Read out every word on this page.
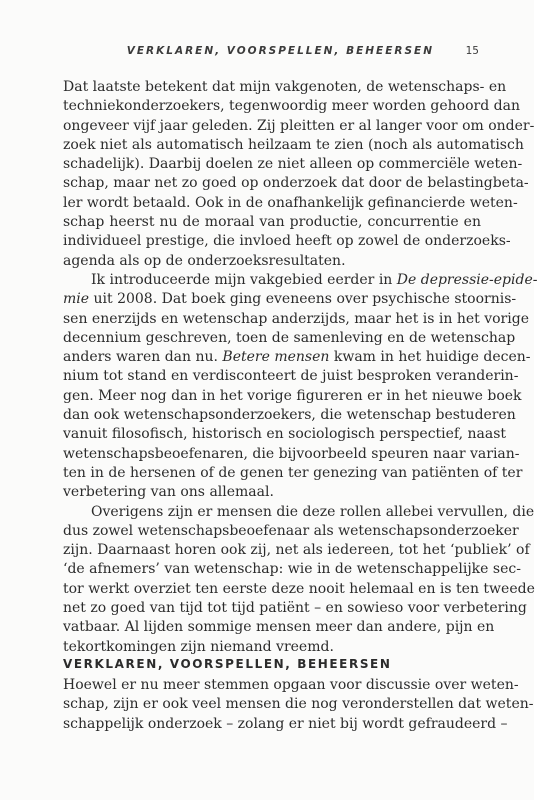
VERKLAREN, VOORSPELLEN, BEHEERSEN	15
Dat laatste betekent dat mijn vakgenoten, de wetenschaps- en
techniekonderzoekers, tegenwoordig meer worden gehoord dan
ongeveer vijf jaar geleden. Zij pleitten er al langer voor om onder-
zoek niet als automatisch heilzaam te zien (noch als automatisch
schadelijk). Daarbij doelen ze niet alleen op commerciële weten-
schap, maar net zo goed op onderzoek dat door de belastingbeta-
ler wordt betaald. Ook in de onafhankelijk gefinancierde weten-
schap heerst nu de moraal van productie, concurrentie en
individueel prestige, die invloed heeft op zowel de onderzoeks-
agenda als op de onderzoeksresultaten.
Ik introduceerde mijn vakgebied eerder in De depressie-epide-
mie uit 2008. Dat boek ging eveneens over psychische stoornis-
sen enerzijds en wetenschap anderzijds, maar het is in het vorige
decennium geschreven, toen de samenleving en de wetenschap
anders waren dan nu. Betere mensen kwam in het huidige decen-
nium tot stand en verdisconteert de juist besproken veranderin-
gen. Meer nog dan in het vorige figureren er in het nieuwe boek
dan ook wetenschapsonderzoekers, die wetenschap bestuderen
vanuit filosofisch, historisch en sociologisch perspectief, naast
wetenschapsbeoefenaren, die bijvoorbeeld speuren naar varian-
ten in de hersenen of de genen ter genezing van patiënten of ter
verbetering van ons allemaal.
Overigens zijn er mensen die deze rollen allebei vervullen, die
dus zowel wetenschapsbeoefenaar als wetenschapsonderzoeker
zijn. Daarnaast horen ook zij, net als iedereen, tot het ‘publiek’ of
‘de afnemers’ van wetenschap: wie in de wetenschappelijke sec-
tor werkt overziet ten eerste deze nooit helemaal en is ten tweede
net zo goed van tijd tot tijd patiënt – en sowieso voor verbetering
vatbaar. Al lijden sommige mensen meer dan andere, pijn en
tekortkomingen zijn niemand vreemd.
VERKLAREN, VOORSPELLEN, BEHEERSEN
Hoewel er nu meer stemmen opgaan voor discussie over weten-
schap, zijn er ook veel mensen die nog veronderstellen dat weten-
schappelijk onderzoek – zolang er niet bij wordt gefraudeerd –
